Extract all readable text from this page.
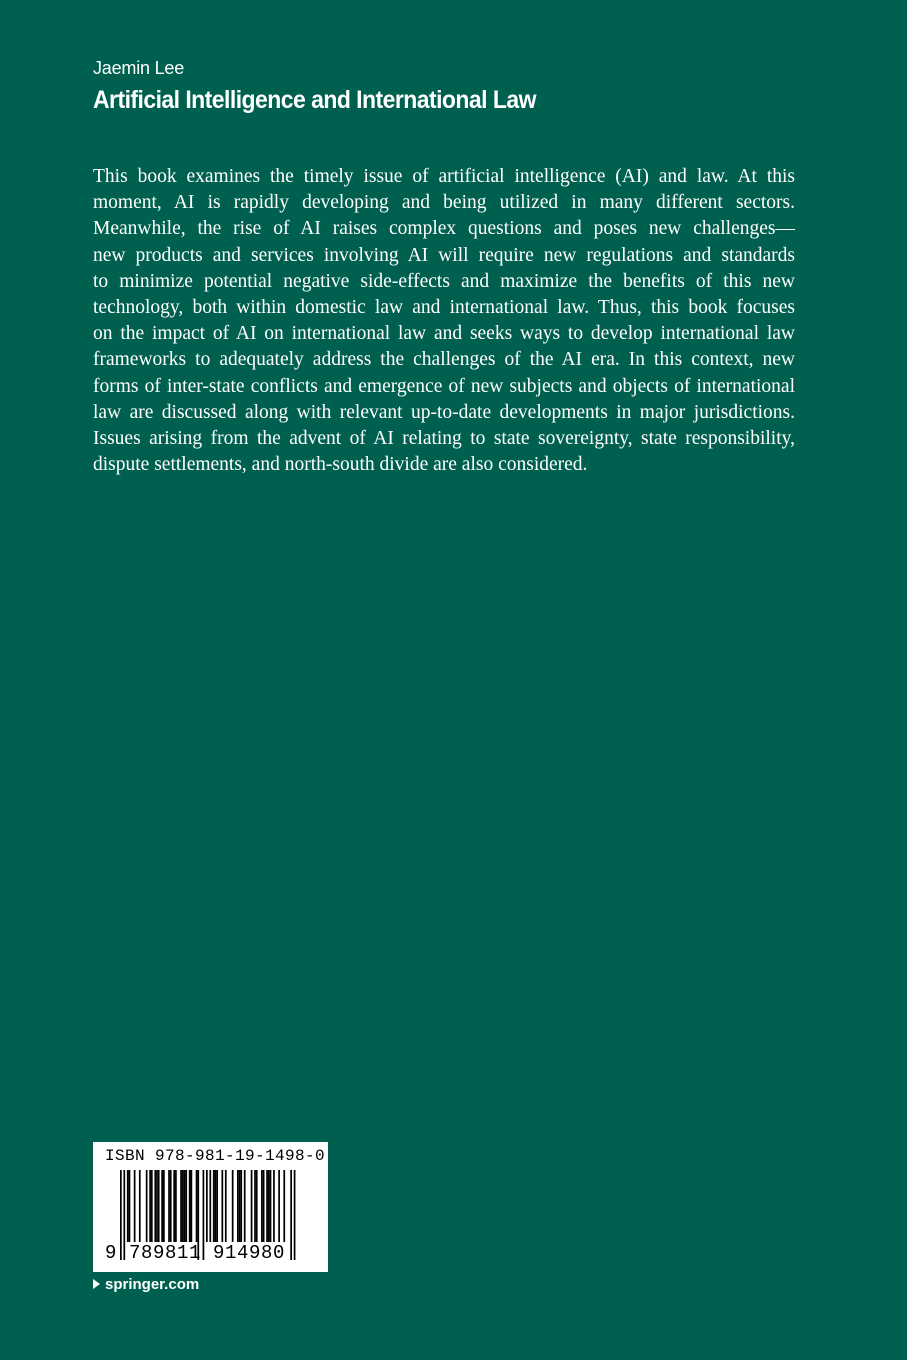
Jaemin Lee
Artificial Intelligence and International Law
This book examines the timely issue of artificial intelligence (AI) and law. At this
moment, AI is rapidly developing and being utilized in many different sectors.
Meanwhile, the rise of AI raises complex questions and poses new challenges—
new products and services involving AI will require new regulations and standards
to minimize potential negative side-effects and maximize the benefits of this new
technology, both within domestic law and international law. Thus, this book focuses
on the impact of AI on international law and seeks ways to develop international law
frameworks to adequately address the challenges of the AI era. In this context, new
forms of inter-state conflicts and emergence of new subjects and objects of international
law are discussed along with relevant up-to-date developments in major jurisdictions.
Issues arising from the advent of AI relating to state sovereignty, state responsibility,
dispute settlements, and north-south divide are also considered.
ISBN 978-981-19-1498-0
9 789811 914980
springer.com
